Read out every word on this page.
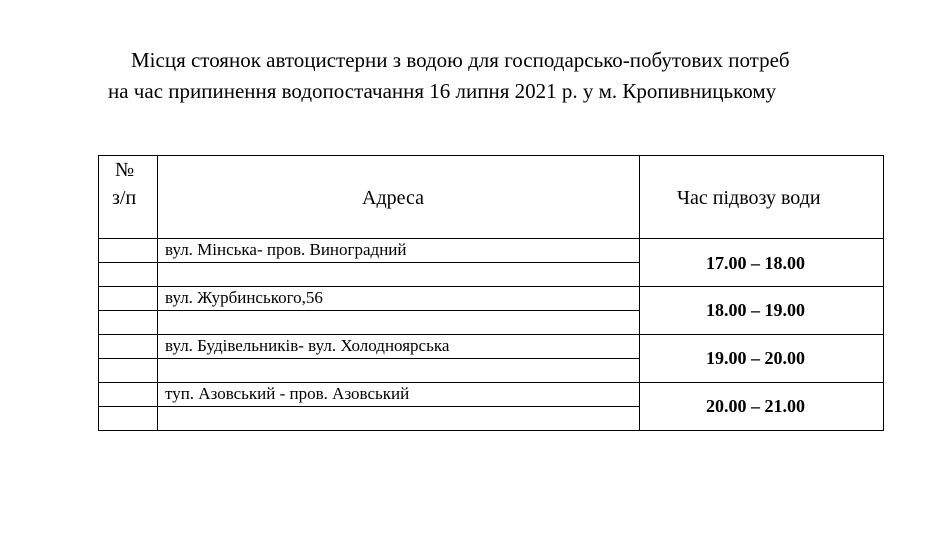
Місця стоянок автоцистерни з водою для господарсько-побутових потреб
на час припинення водопостачання 16 липня 2021 р. у м. Кропивницькому
№
з/п	Адреса	Час підвозу води
вул. Мінська- пров. Виноградний
17.00 – 18.00
вул. Журбинського,56
18.00 – 19.00
вул. Будівельників- вул. Холодноярська
19.00 – 20.00
туп. Азовський - пров. Азовський
20.00 – 21.00
